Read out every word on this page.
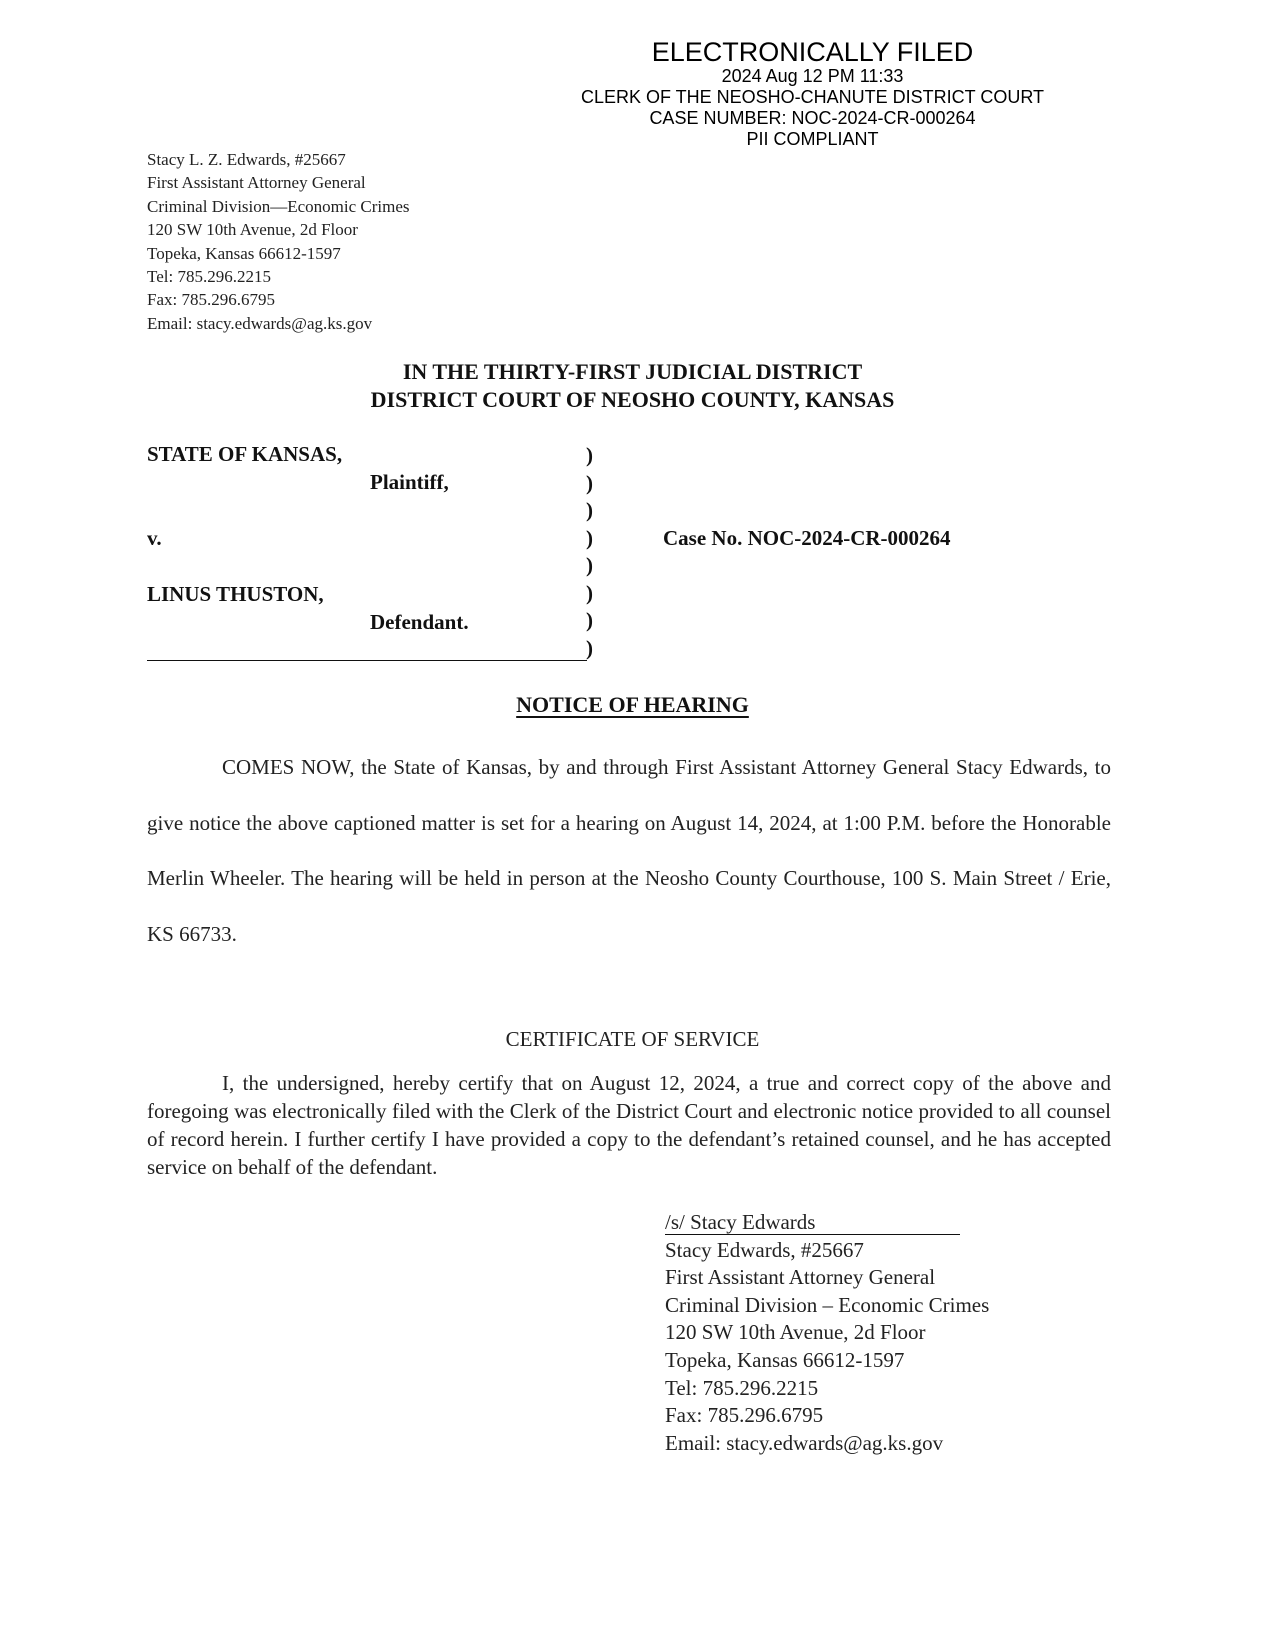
ELECTRONICALLY FILED
2024 Aug 12 PM 11:33
CLERK OF THE NEOSHO-CHANUTE DISTRICT COURT
CASE NUMBER: NOC-2024-CR-000264
PII COMPLIANT
Stacy L. Z. Edwards, #25667
First Assistant Attorney General
Criminal Division—Economic Crimes
120 SW 10th Avenue, 2d Floor
Topeka, Kansas 66612-1597
Tel: 785.296.2215
Fax: 785.296.6795
Email: stacy.edwards@ag.ks.gov
IN THE THIRTY-FIRST JUDICIAL DISTRICT
DISTRICT COURT OF NEOSHO COUNTY, KANSAS
STATE OF KANSAS,
Plaintiff,
v.
LINUS THUSTON,
Defendant.
Case No. NOC-2024-CR-000264
)
)
)
)
)
)
)
)
NOTICE OF HEARING
COMES NOW, the State of Kansas, by and through First Assistant Attorney General Stacy Edwards, to give notice the above captioned matter is set for a hearing on August 14, 2024, at 1:00 P.M. before the Honorable Merlin Wheeler. The hearing will be held in person at the Neosho County Courthouse, 100 S. Main Street / Erie, KS 66733.
CERTIFICATE OF SERVICE
I, the undersigned, hereby certify that on August 12, 2024, a true and correct copy of the above and foregoing was electronically filed with the Clerk of the District Court and electronic notice provided to all counsel of record herein. I further certify I have provided a copy to the defendant’s retained counsel, and he has accepted service on behalf of the defendant.
/s/ Stacy Edwards
Stacy Edwards, #25667
First Assistant Attorney General
Criminal Division – Economic Crimes
120 SW 10th Avenue, 2d Floor
Topeka, Kansas 66612-1597
Tel: 785.296.2215
Fax: 785.296.6795
Email: stacy.edwards@ag.ks.gov
